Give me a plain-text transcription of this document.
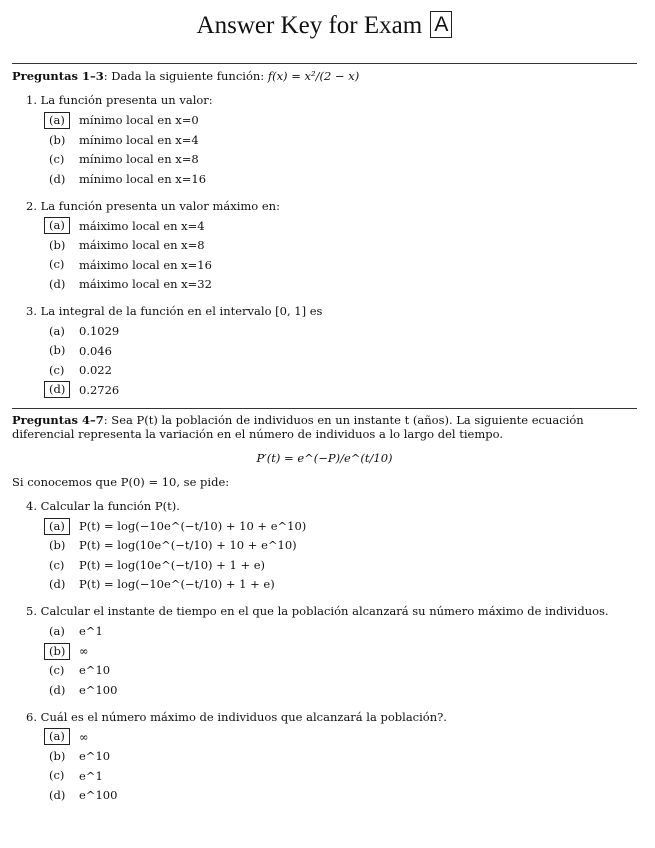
Answer Key for Exam A
Preguntas 1–3: Dada la siguiente función: f(x) = x²/(2 − x)
1. La función presenta un valor:
(a)	mínimo local en x=0
(b)	mínimo local en x=4
(c)	mínimo local en x=8
(d)	mínimo local en x=16
2. La función presenta un valor máximo en:
(a)	máiximo local en x=4
(b)	máiximo local en x=8
(c)	máiximo local en x=16
(d)	máiximo local en x=32
3. La integral de la función en el intervalo [0, 1] es
(a)	0.1029
(b)	0.046
(c)	0.022
(d)	0.2726
Preguntas 4–7: Sea P(t) la población de individuos en un instante t (años). La siguiente ecuación diferencial representa la variación en el número de individuos a lo largo del tiempo.
P′(t) = e^(−P)/e^(t/10)
Si conocemos que P(0) = 10, se pide:
4. Calcular la función P(t).
(a)	P(t) = log(−10e^(−t/10) + 10 + e^10)
(b)	P(t) = log(10e^(−t/10) + 10 + e^10)
(c)	P(t) = log(10e^(−t/10) + 1 + e)
(d)	P(t) = log(−10e^(−t/10) + 1 + e)
5. Calcular el instante de tiempo en el que la población alcanzará su número máximo de individuos.
(a)	e^1
(b)	∞
(c)	e^10
(d)	e^100
6. Cuál es el número máximo de individuos que alcanzará la población?.
(a)	∞
(b)	e^10
(c)	e^1
(d)	e^100
